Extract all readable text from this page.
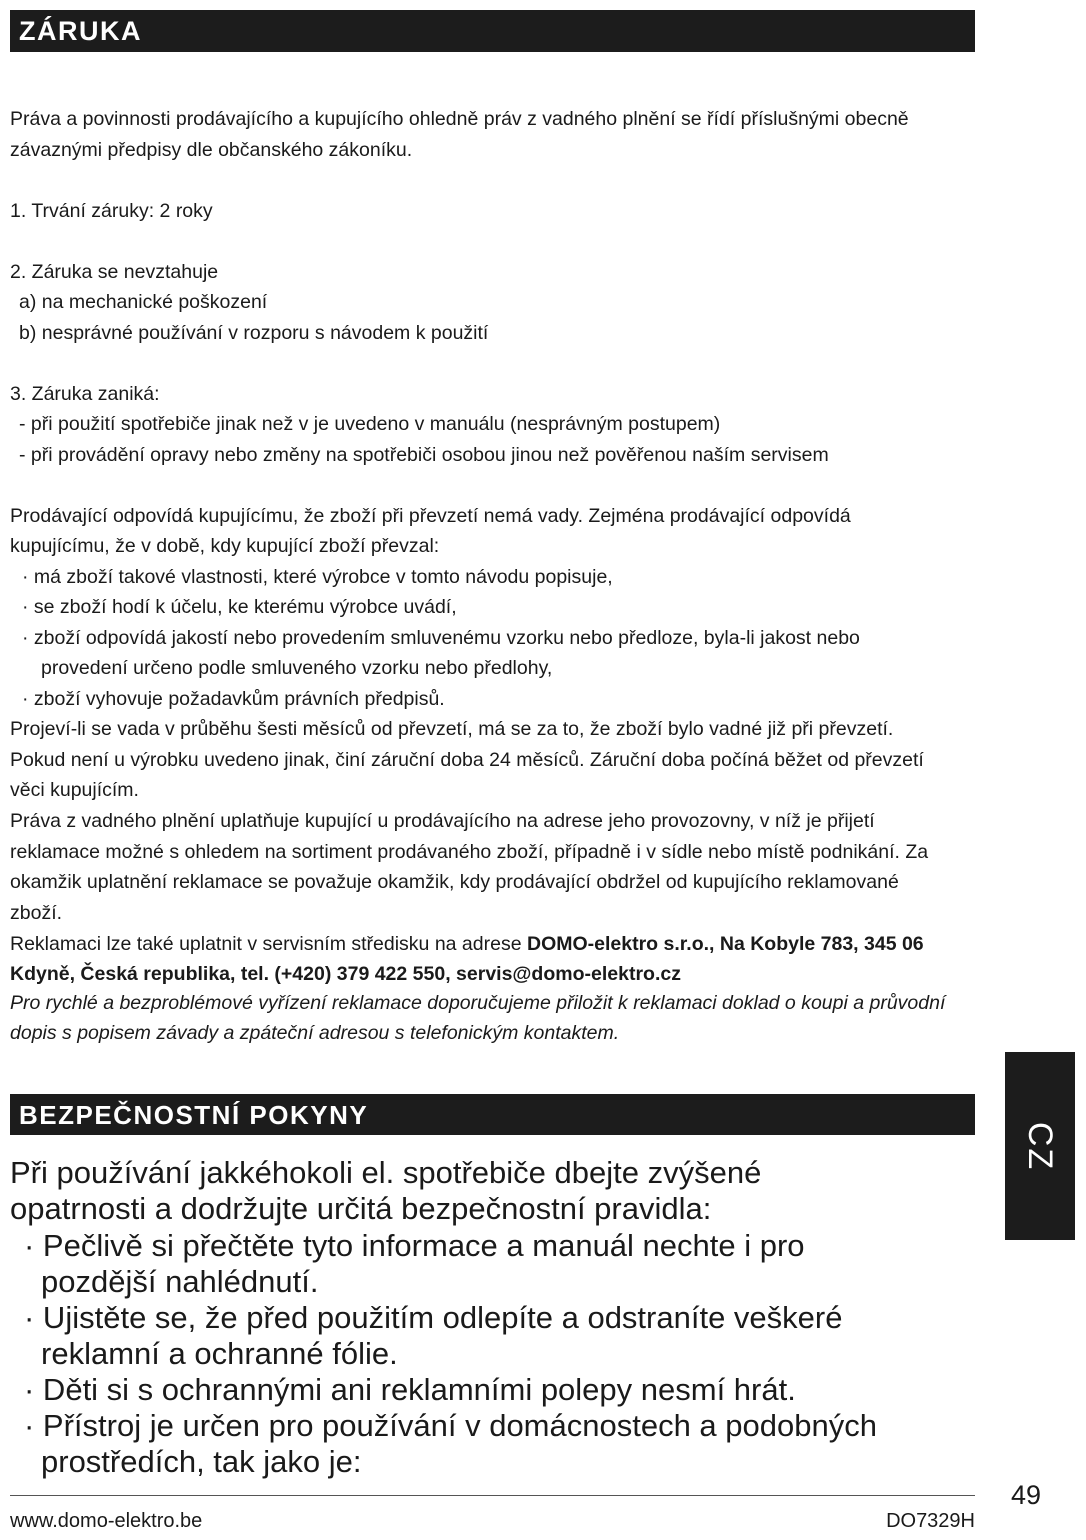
ZÁRUKA
Práva a povinnosti prodávajícího a kupujícího ohledně práv z vadného plnění se řídí příslušnými obecně
závaznými předpisy dle občanského zákoníku.
1. Trvání záruky: 2 roky
2. Záruka se nevztahuje
a) na mechanické poškození
b) nesprávné používání v rozporu s návodem k použití
3. Záruka zaniká:
- při použití spotřebiče jinak než v je uvedeno v manuálu (nesprávným postupem)
- při provádění opravy nebo změny na spotřebiči osobou jinou než pověřenou naším servisem
Prodávající odpovídá kupujícímu, že zboží při převzetí nemá vady. Zejména prodávající odpovídá
kupujícímu, že v době, kdy kupující zboží převzal:
· má zboží takové vlastnosti, které výrobce v tomto návodu popisuje,
· se zboží hodí k účelu, ke kterému výrobce uvádí,
· zboží odpovídá jakostí nebo provedením smluvenému vzorku nebo předloze, byla-li jakost nebo
provedení určeno podle smluveného vzorku nebo předlohy,
· zboží vyhovuje požadavkům právních předpisů.
Projeví-li se vada v průběhu šesti měsíců od převzetí, má se za to, že zboží bylo vadné již při převzetí.
Pokud není u výrobku uvedeno jinak, činí záruční doba 24 měsíců. Záruční doba počíná běžet od převzetí
věci kupujícím.
Práva z vadného plnění uplatňuje kupující u prodávajícího na adrese jeho provozovny, v níž je přijetí
reklamace možné s ohledem na sortiment prodávaného zboží, případně i v sídle nebo místě podnikání. Za
okamžik uplatnění reklamace se považuje okamžik, kdy prodávající obdržel od kupujícího reklamované
zboží.
Reklamaci lze také uplatnit v servisním středisku na adrese DOMO-elektro s.r.o., Na Kobyle 783, 345 06
Kdyně, Česká republika, tel. (+420) 379 422 550, servis@domo-elektro.cz
Pro rychlé a bezproblémové vyřízení reklamace doporučujeme přiložit k reklamaci doklad o koupi a průvodní
dopis s popisem závady a zpáteční adresou s telefonickým kontaktem.
BEZPEČNOSTNÍ POKYNY
Při používání jakkéhokoli el. spotřebiče dbejte zvýšené
opatrnosti a dodržujte určitá bezpečnostní pravidla:
· Pečlivě si přečtěte tyto informace a manuál nechte i pro
pozdější nahlédnutí.
· Ujistěte se, že před použitím odlepíte a odstraníte veškeré
reklamní a ochranné fólie.
· Děti si s ochrannými ani reklamními polepy nesmí hrát.
· Přístroj je určen pro používání v domácnostech a podobných
prostředích, tak jako je:
CZ
49
www.domo-elektro.be	DO7329H
